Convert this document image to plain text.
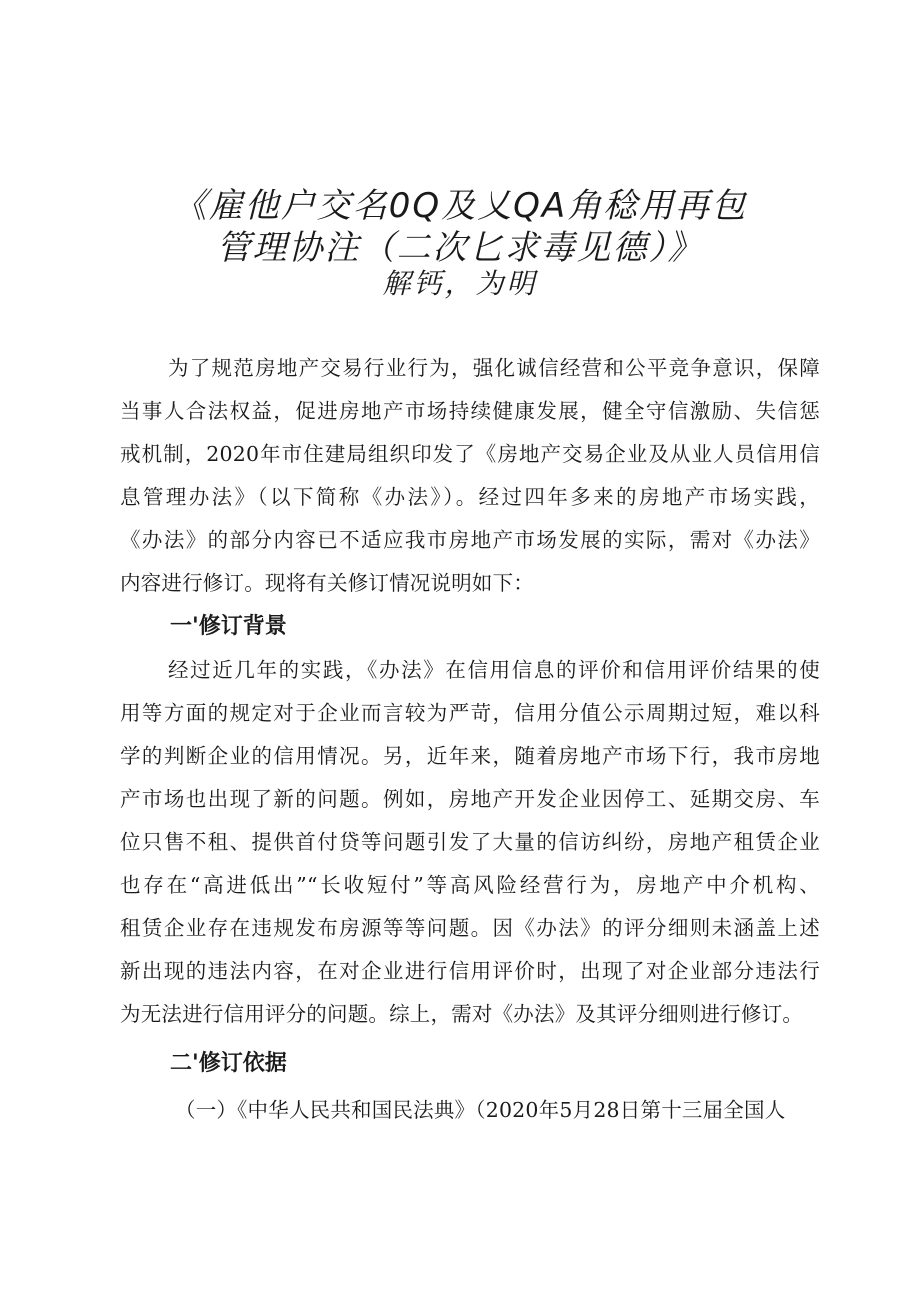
《雇他户交名0Q及乂QA角稔用再包
管理协注（二次匕求毒见德）》
解钙，为明
为了规范房地产交易行业行为，强化诚信经营和公平竞争意识，保障
当事人合法权益，促进房地产市场持续健康发展，健全守信激励、失信惩
戒机制，2020年市住建局组织印发了《房地产交易企业及从业人员信用信
息管理办法》（以下简称《办法》）。经过四年多来的房地产市场实践，
《办法》的部分内容已不适应我市房地产市场发展的实际，需对《办法》
内容进行修订。现将有关修订情况说明如下：
一'修订背景
经过近几年的实践，《办法》在信用信息的评价和信用评价结果的使
用等方面的规定对于企业而言较为严苛，信用分值公示周期过短，难以科
学的判断企业的信用情况。另，近年来，随着房地产市场下行，我市房地
产市场也出现了新的问题。例如，房地产开发企业因停工、延期交房、车
位只售不租、提供首付贷等问题引发了大量的信访纠纷，房地产租赁企业
也存在“高进低出”“长收短付”等高风险经营行为，房地产中介机构、
租赁企业存在违规发布房源等等问题。因《办法》的评分细则未涵盖上述
新出现的违法内容，在对企业进行信用评价时，出现了对企业部分违法行
为无法进行信用评分的问题。综上，需对《办法》及其评分细则进行修订。
二'修订依据
（一）《中华人民共和国民法典》（2020年5月28日第十三届全国人
